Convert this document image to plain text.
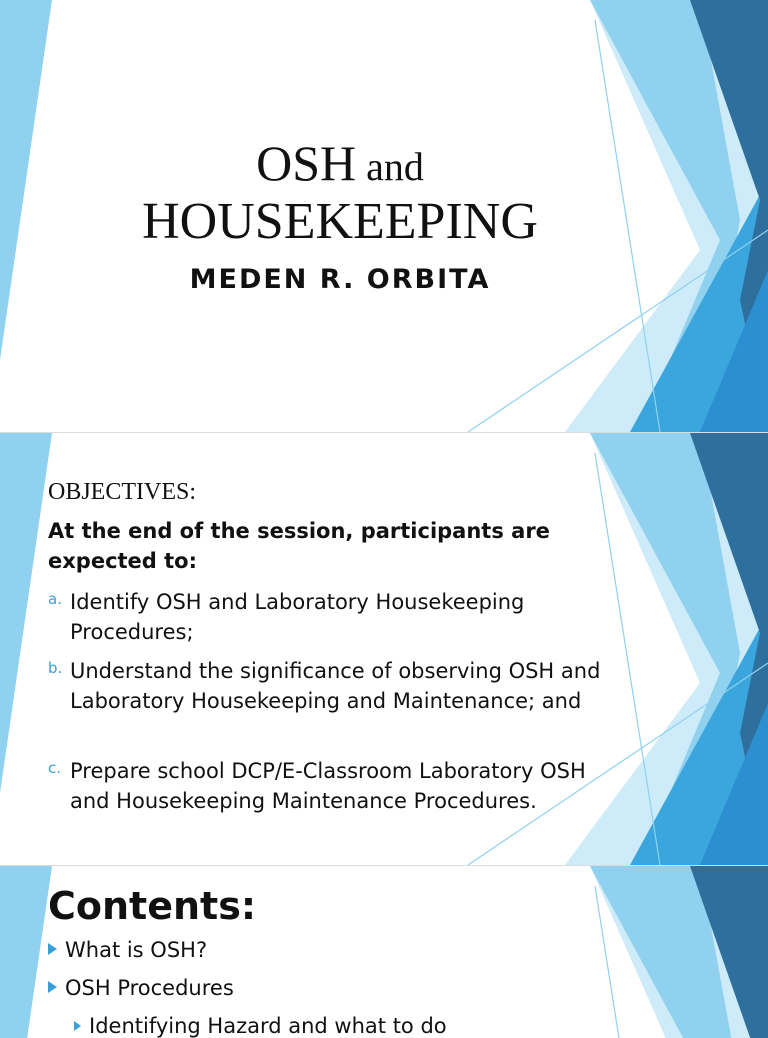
OSH and
HOUSEKEEPING
MEDEN R. ORBITA
OBJECTIVES:
At the end of the session, participants are expected to:
a. Identify OSH and Laboratory Housekeeping Procedures;
b. Understand the significance of observing OSH and Laboratory Housekeeping and Maintenance; and
c. Prepare school DCP/E-Classroom Laboratory OSH and Housekeeping Maintenance Procedures.
Contents:
What is OSH?
OSH Procedures
Identifying Hazard and what to do
